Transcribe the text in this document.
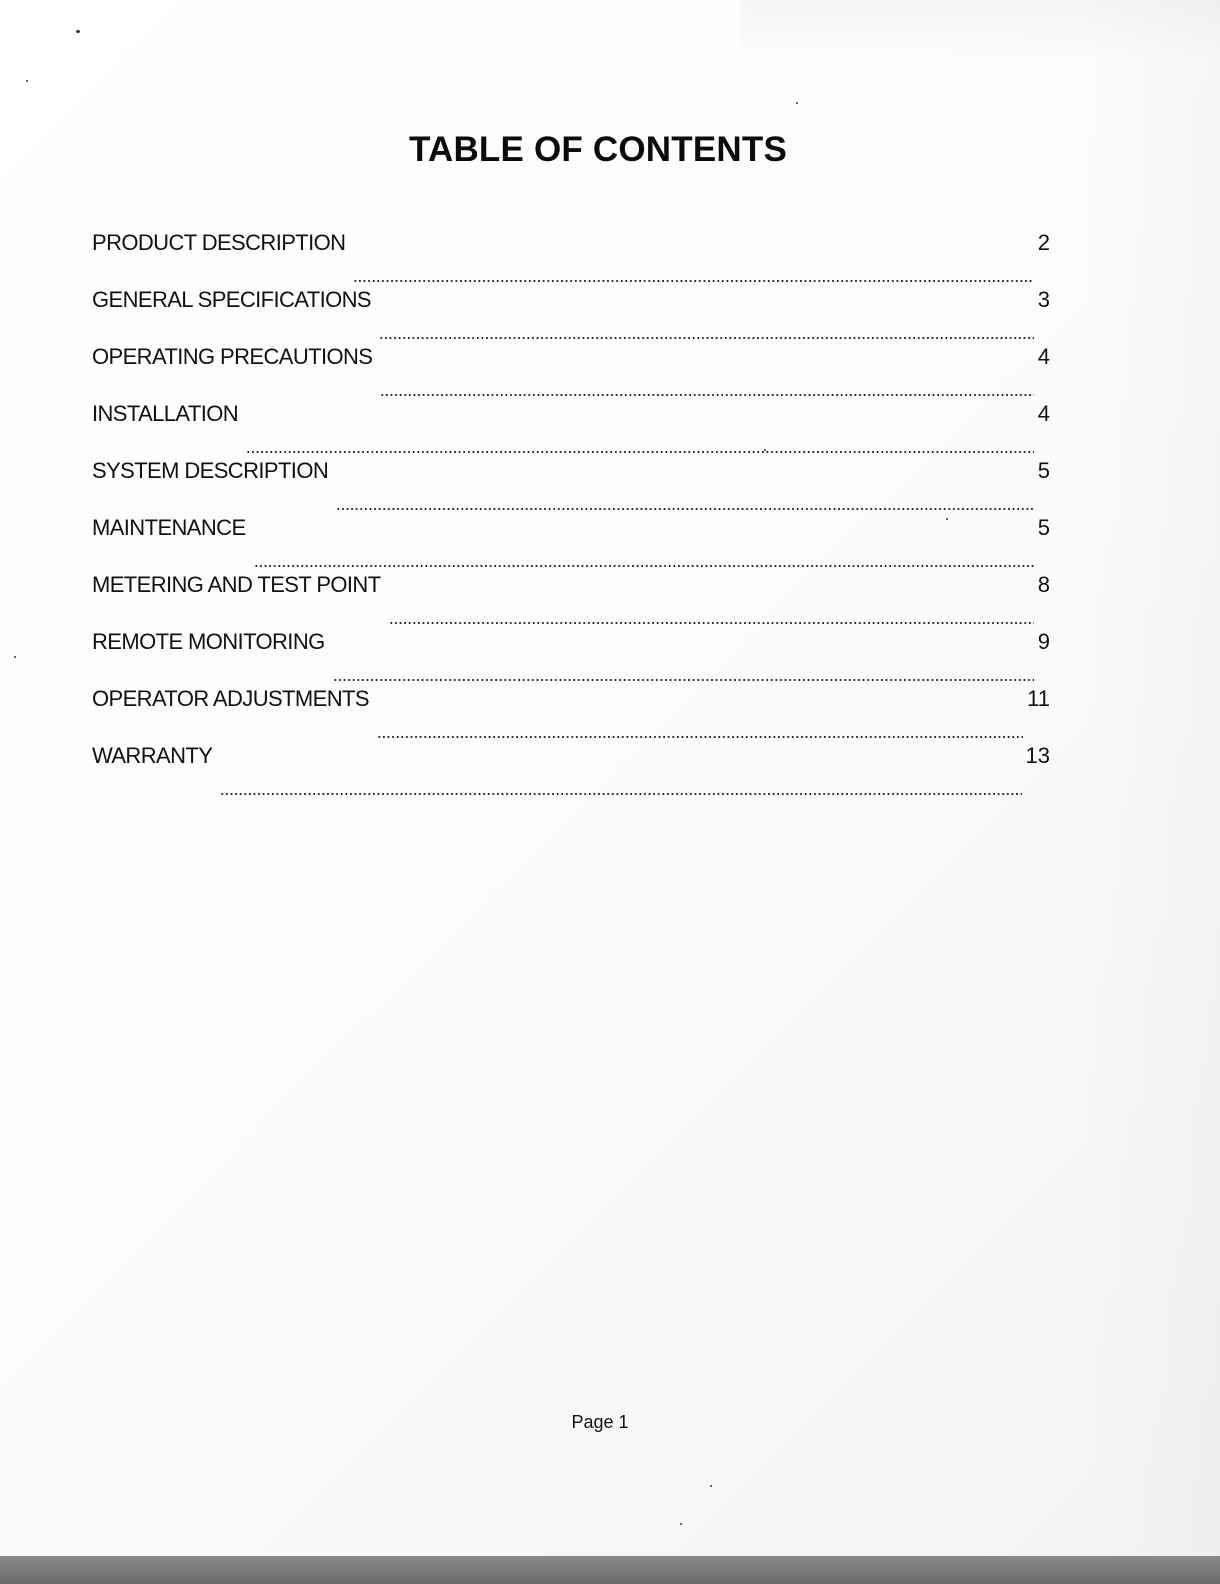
TABLE OF CONTENTS
PRODUCT DESCRIPTION	2
GENERAL SPECIFICATIONS	3
OPERATING PRECAUTIONS	4
INSTALLATION	4
SYSTEM DESCRIPTION	5
MAINTENANCE	5
METERING AND TEST POINT	8
REMOTE MONITORING	9
OPERATOR ADJUSTMENTS	11
WARRANTY	13
Page 1
